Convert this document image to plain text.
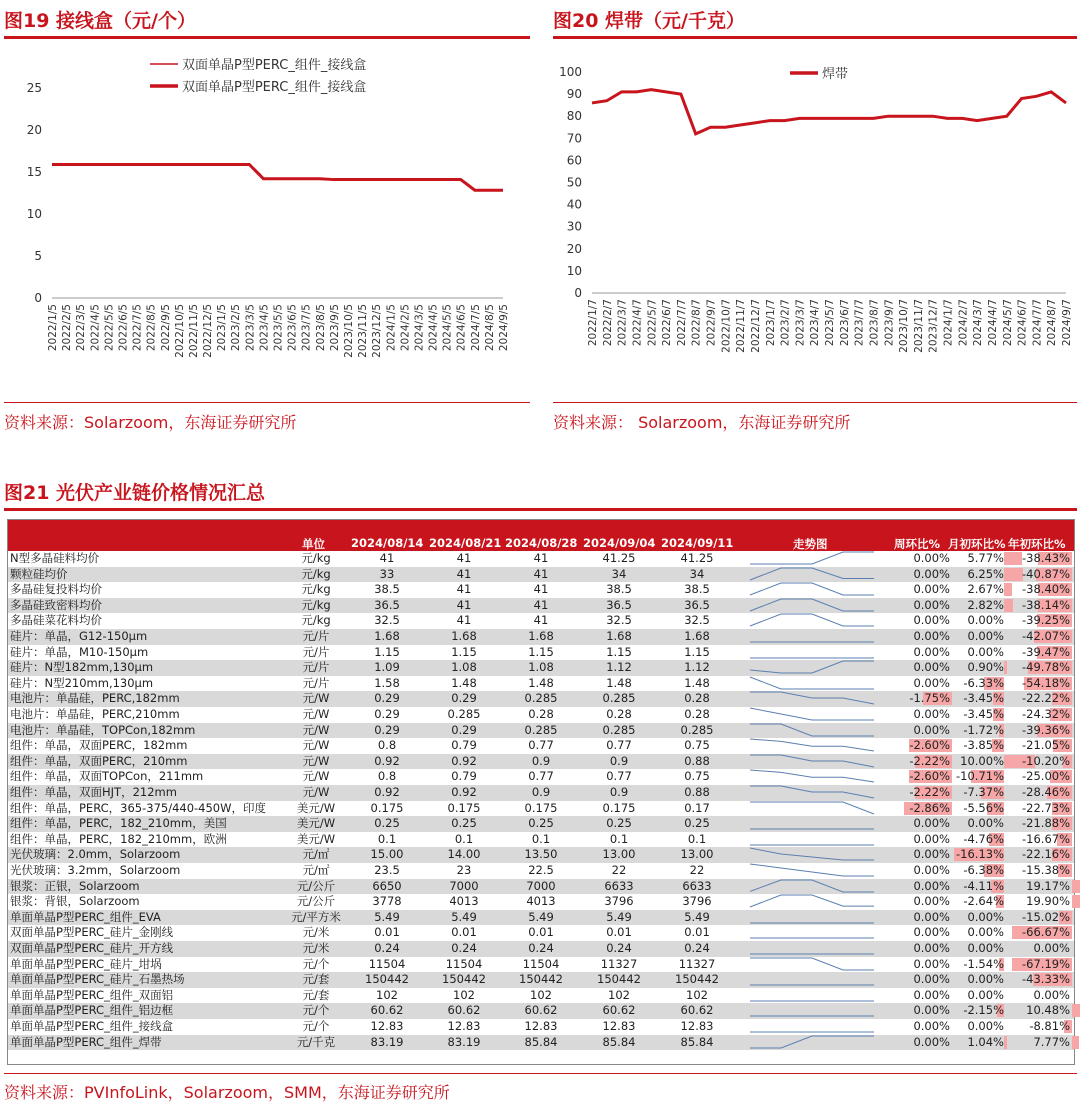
图19 接线盒（元/个）
0
5
10
15
20
25
2022/1/5 2022/2/5 2022/3/5 2022/4/5 2022/5/5 2022/6/5 2022/7/5 2022/8/5 2022/9/5 2022/10/5 2022/11/5 2022/12/5 2023/1/5 2023/2/5 2023/3/5 2023/4/5 2023/5/5 2023/6/5 2023/7/5 2023/8/5 2023/9/5 2023/10/5 2023/11/5 2023/12/5 2024/1/5 2024/2/5 2024/3/5 2024/4/5 2024/5/5 2024/6/5 2024/7/5 2024/8/5 2024/9/5
双面单晶P型PERC_组件_接线盒
双面单晶P型PERC_组件_接线盒
资料来源：Solarzoom，东海证券研究所
图20 焊带（元/千克）
0
10
20
30
40
50
60
70
80
90
100
2022/1/7 2022/2/7 2022/3/7 2022/4/7 2022/5/7 2022/6/7 2022/7/7 2022/8/7 2022/9/7 2022/10/7 2022/11/7 2022/12/7 2023/1/7 2023/2/7 2023/3/7 2023/4/7 2023/5/7 2023/6/7 2023/7/7 2023/8/7 2023/9/7 2023/10/7 2023/11/7 2023/12/7 2024/1/7 2024/2/7 2024/3/7 2024/4/7 2024/5/7 2024/6/7 2024/7/7 2024/8/7 2024/9/7
焊带
资料来源： Solarzoom，东海证券研究所
图21 光伏产业链价格情况汇总
单位 2024/08/14 2024/08/21 2024/08/28 2024/09/04 2024/09/11	走势图	周环比% 月初环比% 年初环比%
N型多晶硅料均价	元/kg	41	41	41	41.25	41.25	0.00%	5.77%	-38.43%
颗粒硅均价	元/kg	33	41	41	34	34	0.00%	6.25%	-40.87%
多晶硅复投料均价	元/kg	38.5	41	41	38.5	38.5	0.00%	2.67%	-38.40%
多晶硅致密料均价	元/kg	36.5	41	41	36.5	36.5	0.00%	2.82%	-38.14%
多晶硅菜花料均价	元/kg	32.5	41	41	32.5	32.5	0.00%	0.00%	-39.25%
硅片：单晶，G12-150μm	元/片	1.68	1.68	1.68	1.68	1.68	0.00%	0.00%	-42.07%
硅片：单晶，M10-150μm	元/片	1.15	1.15	1.15	1.15	1.15	0.00%	0.00%	-39.47%
硅片：N型182mm,130μm	元/片	1.09	1.08	1.08	1.12	1.12	0.00%	0.90%	-49.78%
硅片：N型210mm,130μm	元/片	1.58	1.48	1.48	1.48	1.48	0.00%	-6.33%	-54.18%
电池片：单晶硅，PERC,182mm	元/W	0.29	0.29	0.285	0.285	0.28	-1.75%	-3.45%	-22.22%
电池片：单晶硅，PERC,210mm	元/W	0.29	0.285	0.28	0.28	0.28	0.00%	-3.45%	-24.32%
电池片：单晶硅，TOPCon,182mm	元/W	0.29	0.29	0.285	0.285	0.285	0.00%	-1.72%	-39.36%
组件：单晶，双面PERC，182mm	元/W	0.8	0.79	0.77	0.77	0.75	-2.60%	-3.85%	-21.05%
组件：单晶，双面PERC，210mm	元/W	0.92	0.92	0.9	0.9	0.88	-2.22% 10.00%	-10.20%
组件：单晶，双面TOPCon，211mm	元/W	0.8	0.79	0.77	0.77	0.75	-2.60% -10.71%	-25.00%
组件：单晶，双面HJT，212mm	元/W	0.92	0.92	0.9	0.9	0.88	-2.22%	-7.37%	-28.46%
组件：单晶，PERC，365-375/440-450W，印度	美元/W	0.175	0.175	0.175	0.175	0.17	-2.86%	-5.56%	-22.73%
组件：单晶，PERC，182_210mm，美国	美元/W	0.25	0.25	0.25	0.25	0.25	0.00%	0.00%	-21.88%
组件：单晶，PERC，182_210mm，欧洲	美元/W	0.1	0.1	0.1	0.1	0.1	0.00%	-4.76%	-16.67%
光伏玻璃：2.0mm，Solarzoom	元/㎡	15.00	14.00	13.50	13.00	13.00	0.00% -16.13%	-22.16%
光伏玻璃：3.2mm，Solarzoom	元/㎡	23.5	23	22.5	22	22	0.00%	-6.38%	-15.38%
银浆：正银，Solarzoom	元/公斤	6650	7000	7000	6633	6633	0.00%	-4.11%	19.17%
银浆：背银，Solarzoom	元/公斤	3778	4013	4013	3796	3796	0.00%	-2.64%	19.90%
单面单晶P型PERC_组件_EVA	元/平方米	5.49	5.49	5.49	5.49	5.49	0.00%	0.00%	-15.02%
双面单晶P型PERC_硅片_金刚线	元/米	0.01	0.01	0.01	0.01	0.01	0.00%	0.00%	-66.67%
双面单晶P型PERC_硅片_开方线	元/米	0.24	0.24	0.24	0.24	0.24	0.00%	0.00%	0.00%
单面单晶P型PERC_硅片_坩埚	元/个	11504	11504	11504	11327	11327	0.00%	-1.54%	-67.19%
单面单晶P型PERC_硅片_石墨热场	元/套	150442	150442	150442	150442	150442	0.00%	0.00%	-43.33%
单面单晶P型PERC_组件_双面铝	元/套	102	102	102	102	102	0.00%	0.00%	0.00%
单面单晶P型PERC_组件_铝边框	元/个	60.62	60.62	60.62	60.62	60.62	0.00%	-2.15%	10.48%
单面单晶P型PERC_组件_接线盒	元/个	12.83	12.83	12.83	12.83	12.83	0.00%	0.00%	-8.81%
单面单晶P型PERC_组件_焊带	元/千克	83.19	83.19	85.84	85.84	85.84	0.00%	1.04%	7.77%
资料来源：PVInfoLink，Solarzoom，SMM，东海证券研究所
